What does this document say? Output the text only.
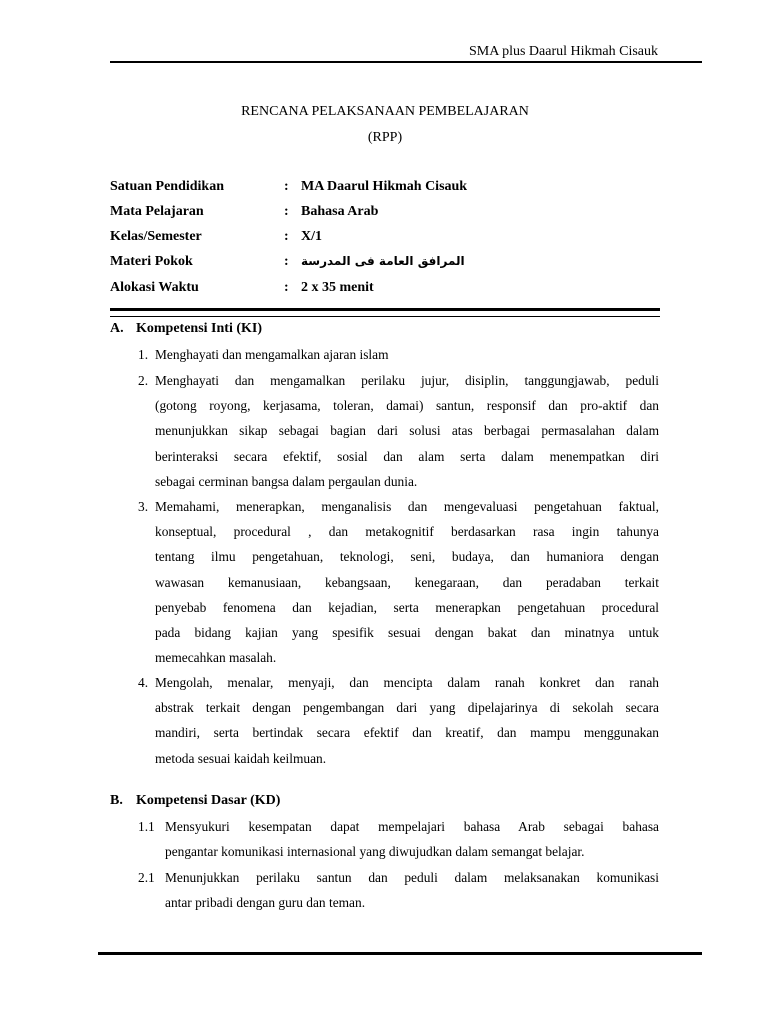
SMA plus Daarul Hikmah Cisauk
RENCANA PELAKSANAAN PEMBELAJARAN
(RPP)
Satuan Pendidikan	: MA Daarul Hikmah Cisauk
Mata Pelajaran	: Bahasa Arab
Kelas/Semester	: X/1
Materi Pokok	: المرافق العامة فى المدرسة
Alokasi Waktu	: 2 x 35 menit
A. Kompetensi Inti (KI)
1. Menghayati dan mengamalkan ajaran islam
2. Menghayati dan mengamalkan perilaku jujur, disiplin, tanggungjawab, peduli
(gotong royong, kerjasama, toleran, damai) santun, responsif dan pro-aktif dan
menunjukkan sikap sebagai bagian dari solusi atas berbagai permasalahan dalam
berinteraksi secara efektif, sosial dan alam serta dalam menempatkan diri
sebagai cerminan bangsa dalam pergaulan dunia.
3. Memahami, menerapkan, menganalisis dan mengevaluasi pengetahuan faktual,
konseptual, procedural , dan metakognitif berdasarkan rasa ingin tahunya
tentang ilmu pengetahuan, teknologi, seni, budaya, dan humaniora dengan
wawasan kemanusiaan, kebangsaan, kenegaraan, dan peradaban terkait
penyebab fenomena dan kejadian, serta menerapkan pengetahuan procedural
pada bidang kajian yang spesifik sesuai dengan bakat dan minatnya untuk
memecahkan masalah.
4. Mengolah, menalar, menyaji, dan mencipta dalam ranah konkret dan ranah
abstrak terkait dengan pengembangan dari yang dipelajarinya di sekolah secara
mandiri, serta bertindak secara efektif dan kreatif, dan mampu menggunakan
metoda sesuai kaidah keilmuan.
B. Kompetensi Dasar (KD)
1.1 Mensyukuri kesempatan dapat mempelajari bahasa Arab sebagai bahasa
pengantar komunikasi internasional yang diwujudkan dalam semangat belajar.
2.1 Menunjukkan perilaku santun dan peduli dalam melaksanakan komunikasi
antar pribadi dengan guru dan teman.
